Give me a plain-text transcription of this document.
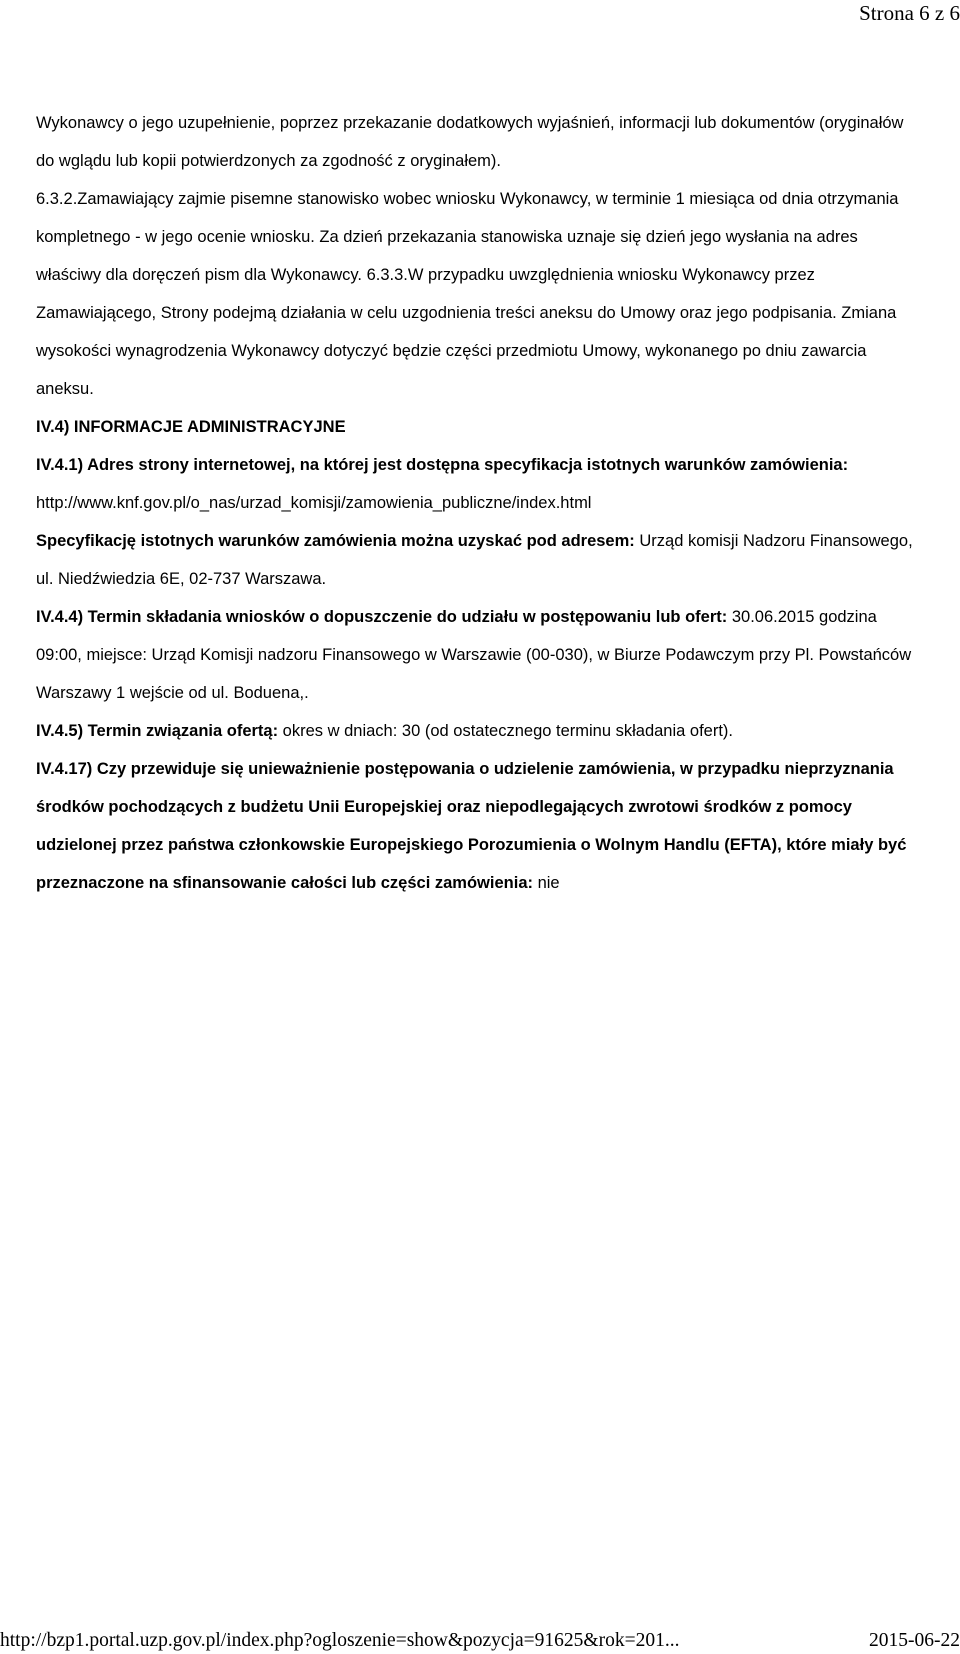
Strona 6 z 6

Wykonawcy o jego uzupełnienie, poprzez przekazanie dodatkowych wyjaśnień, informacji lub dokumentów (oryginałów do wglądu lub kopii potwierdzonych za zgodność z oryginałem).

6.3.2.Zamawiający zajmie pisemne stanowisko wobec wniosku Wykonawcy, w terminie 1 miesiąca od dnia otrzymania kompletnego - w jego ocenie wniosku. Za dzień przekazania stanowiska uznaje się dzień jego wysłania na adres właściwy dla doręczeń pism dla Wykonawcy. 6.3.3.W przypadku uwzględnienia wniosku Wykonawcy przez Zamawiającego, Strony podejmą działania w celu uzgodnienia treści aneksu do Umowy oraz jego podpisania. Zmiana wysokości wynagrodzenia Wykonawcy dotyczyć będzie części przedmiotu Umowy, wykonanego po dniu zawarcia aneksu.

IV.4) INFORMACJE ADMINISTRACYJNE

IV.4.1) Adres strony internetowej, na której jest dostępna specyfikacja istotnych warunków zamówienia: http://www.knf.gov.pl/o_nas/urzad_komisji/zamowienia_publiczne/index.html

Specyfikację istotnych warunków zamówienia można uzyskać pod adresem: Urząd komisji Nadzoru Finansowego, ul. Niedźwiedzia 6E, 02-737 Warszawa.

IV.4.4) Termin składania wniosków o dopuszczenie do udziału w postępowaniu lub ofert: 30.06.2015 godzina 09:00, miejsce: Urząd Komisji nadzoru Finansowego w Warszawie (00-030), w Biurze Podawczym przy Pl. Powstańców Warszawy 1 wejście od ul. Boduena,.

IV.4.5) Termin związania ofertą: okres w dniach: 30 (od ostatecznego terminu składania ofert).

IV.4.17) Czy przewiduje się unieważnienie postępowania o udzielenie zamówienia, w przypadku nieprzyznania środków pochodzących z budżetu Unii Europejskiej oraz niepodlegających zwrotowi środków z pomocy udzielonej przez państwa członkowskie Europejskiego Porozumienia o Wolnym Handlu (EFTA), które miały być przeznaczone na sfinansowanie całości lub części zamówienia: nie

http://bzp1.portal.uzp.gov.pl/index.php?ogloszenie=show&pozycja=91625&rok=201...	2015-06-22
